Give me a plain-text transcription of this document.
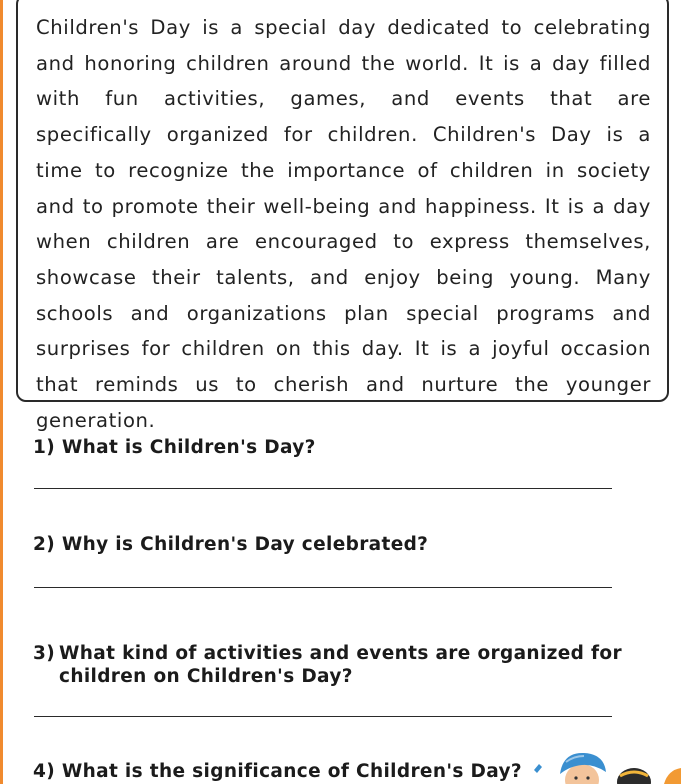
Children's Day is a special day dedicated to celebrating and honoring children around the world. It is a day filled with fun activities, games, and events that are specifically organized for children. Children's Day is a time to recognize the importance of children in society and to promote their well-being and happiness. It is a day when children are encouraged to express themselves, showcase their talents, and enjoy being young. Many schools and organizations plan special programs and surprises for children on this day. It is a joyful occasion that reminds us to cherish and nurture the younger generation.

1) What is Children's Day?
2) Why is Children's Day celebrated?
3) What kind of activities and events are organized for
children on Children's Day?
4) What is the significance of Children's Day?
